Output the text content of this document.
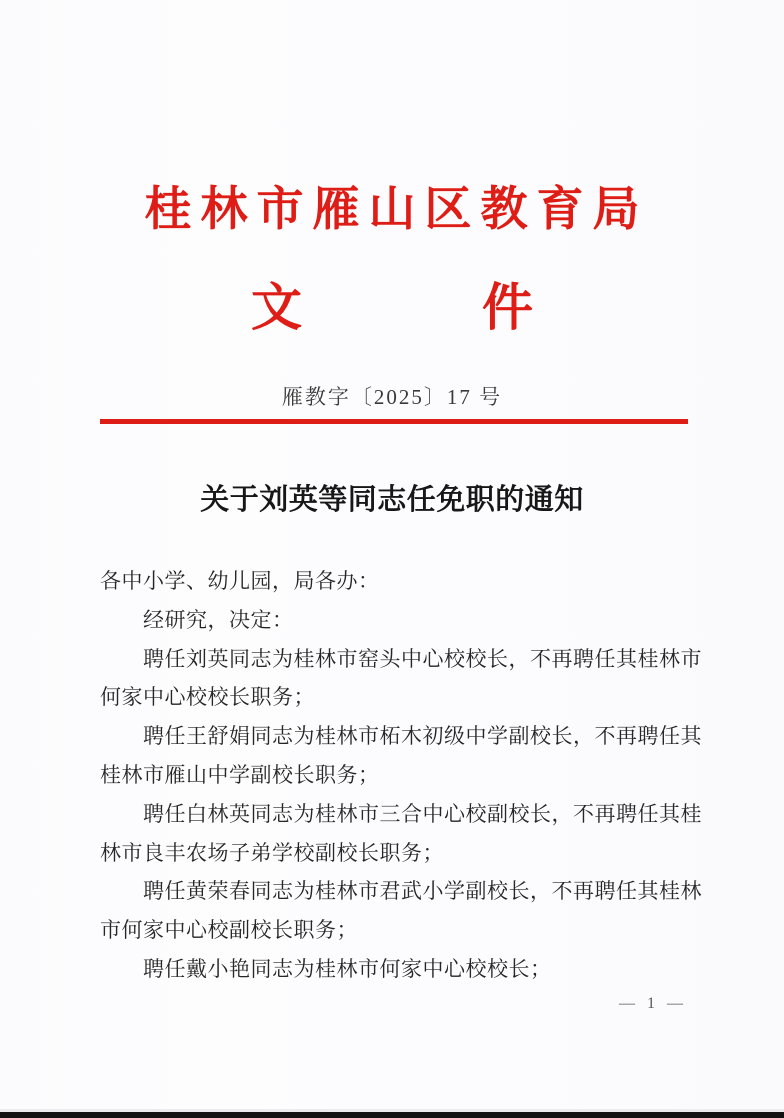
桂林市雁山区教育局
文	件
雁教字〔2025〕17 号
关于刘英等同志任免职的通知
各中小学、幼儿园，局各办：
经研究，决定：
聘任刘英同志为桂林市窑头中心校校长，不再聘任其桂林市
何家中心校校长职务；
聘任王舒娟同志为桂林市柘木初级中学副校长，不再聘任其
桂林市雁山中学副校长职务；
聘任白林英同志为桂林市三合中心校副校长，不再聘任其桂
林市良丰农场子弟学校副校长职务；
聘任黄荣春同志为桂林市君武小学副校长，不再聘任其桂林
市何家中心校副校长职务；
聘任戴小艳同志为桂林市何家中心校校长；
— 1 —
